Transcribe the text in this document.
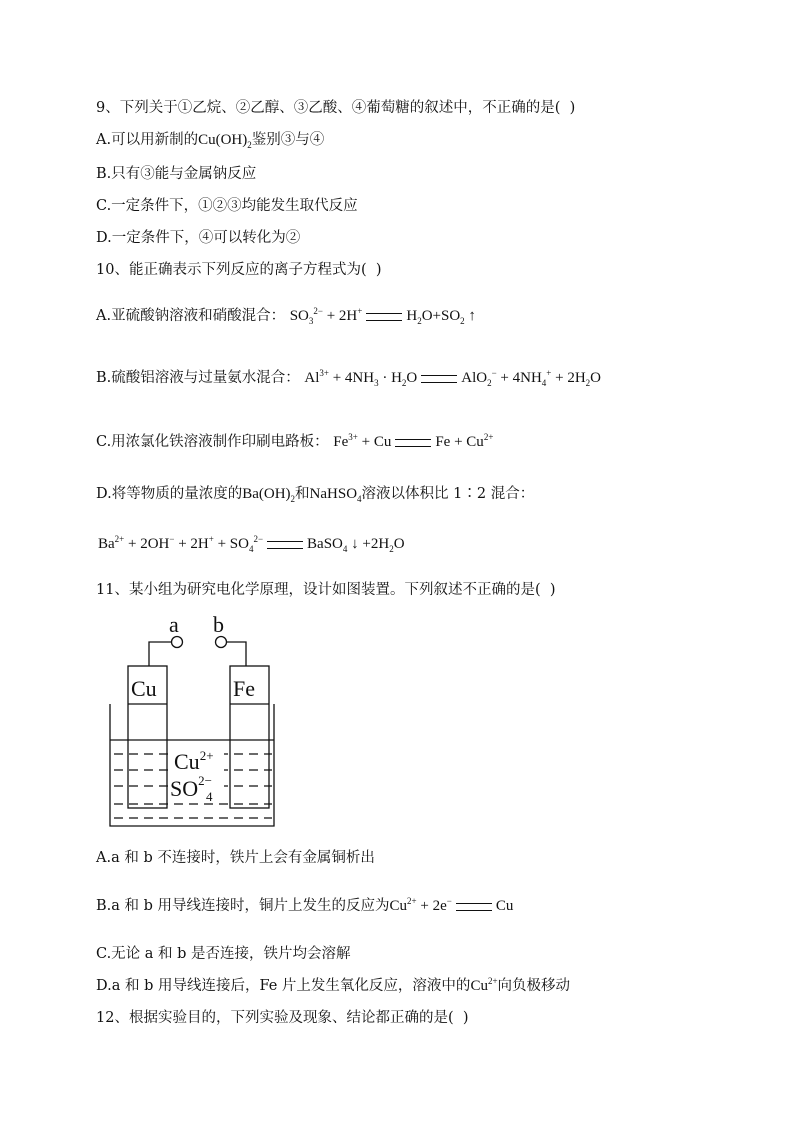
9、下列关于①乙烷、②乙醇、③乙酸、④葡萄糖的叙述中，不正确的是(  )
A.可以用新制的$Cu(OH)_2$鉴别③与④
B.只有③能与金属钠反应
C.一定条件下，①②③均能发生取代反应
D.一定条件下，④可以转化为②
10、能正确表示下列反应的离子方程式为(  )
A.亚硫酸钠溶液和硝酸混合： $SO_3^{2-} + 2H^+$	$H_2O+SO_2$ ↑
B.硫酸铝溶液与过量氨水混合： $Al^{3+} + 4NH_3 \cdot H_2O$	$AlO_2^- + 4NH_4^+ + 2H_2O$
C.用浓氯化铁溶液制作印刷电路板： $Fe^{3+} + Cu$	$Fe + Cu^{2+}$
D.将等物质的量浓度的$Ba(OH)_2$和NaHSO$_4$溶液以体积比 1∶2 混合：
$Ba^{2+} + 2OH^- + 2H^+ + SO_4^{2-}$	BaSO$_4$ ↓ $+2H_2O$
11、某小组为研究电化学原理，设计如图装置。下列叙述不正确的是(  )
a b
Cu	Fe
$Cu^{2+}$
$SO^{2-}$
4
A.a 和 b 不连接时，铁片上会有金属铜析出
B.a 和 b 用导线连接时，铜片上发生的反应为$Cu^{2+} + 2e^-$	Cu
C.无论 a 和 b 是否连接，铁片均会溶解
D.a 和 b 用导线连接后，Fe 片上发生氧化反应，溶液中的$Cu^{2+}$向负极移动
12、根据实验目的，下列实验及现象、结论都正确的是(  )
